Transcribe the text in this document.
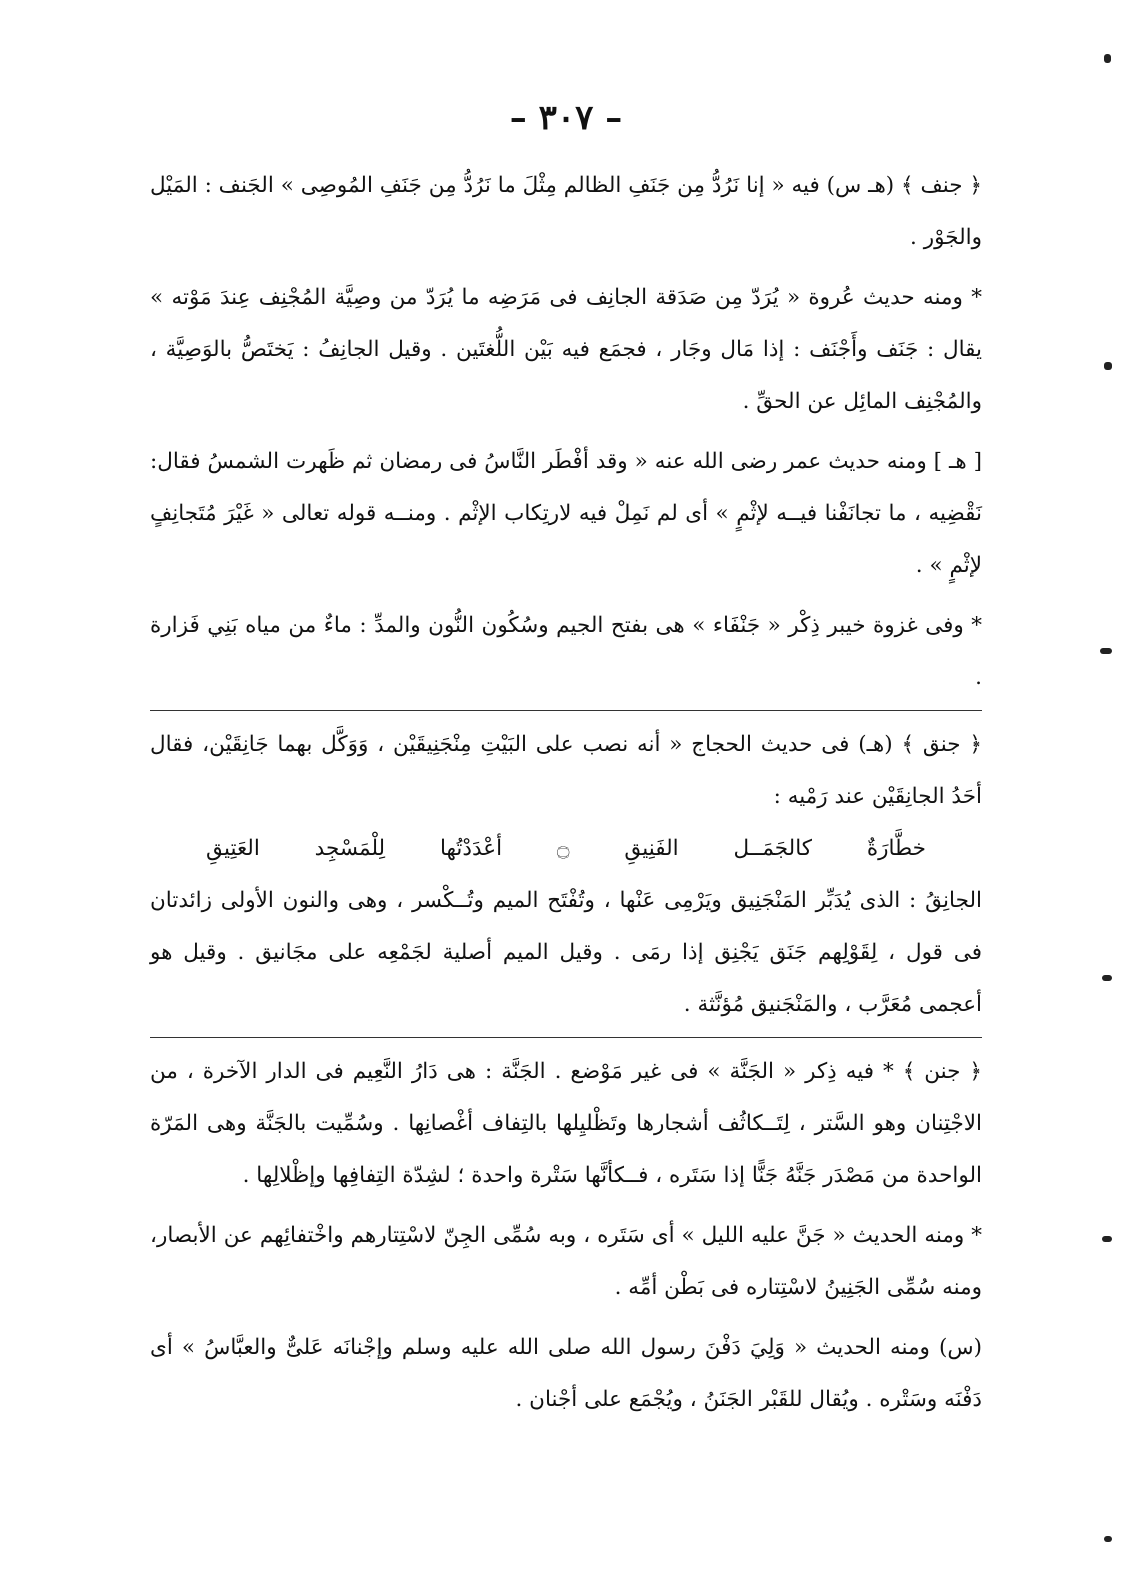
– ٣٠٧ –

﴿ جنف ﴾ (هـ س) فيه « إنا نَرُدُّ مِن جَنَفِ الظالم مِثْلَ ما نَرُدُّ مِن جَنَفِ المُوصِى » الجَنف : المَيْل والجَوْر .

* ومنه حديث عُروة « يُرَدّ مِن صَدَقة الجانِف فى مَرَضِه ما يُرَدّ من وصِيَّة المُجْنِف عِندَ مَوْته » يقال : جَنَف وأَجْنَف : إذا مَال وجَار ، فجمَع فيه بَيْن اللُّغتَين . وقيل الجانِفُ : يَختَصُّ بالوَصِيَّة ، والمُجْنِف المائِل عن الحقِّ .

[ هـ ] ومنه حديث عمر رضى الله عنه « وقد أفْطَر النَّاسُ فى رمضان ثم ظَهرت الشمسُ فقال: نَقْضِيه ، ما تجانَفْنا فيــه لإثْمٍ » أى لم نَمِلْ فيه لارتِكاب الإثْم . ومنــه قوله تعالى « غَيْرَ مُتَجانِفٍ لإثْمٍ » .

* وفى غزوة خيبر ذِكْر « جَنْفَاء » هى بفتح الجيم وسُكُون النُّون والمدِّ : ماءٌ من مياه بَنِي فَزارة .

﴿ جنق ﴾ (هـ) فى حديث الحجاج « أنه نصب على البَيْتِ مِنْجَنِيقَيْن ، وَوَكَّل بهما جَانِقَيْن، فقال أحَدُ الجانِقَيْن عند رَمْيه :

خطَّارَةٌ كالجَمَــل الفَنِيقِ ۝ أعْدَدْتُها لِلْمَسْجِد العَتِيقِ

الجانِقُ : الذى يُدَبِّر المَنْجَنِيق ويَرْمِى عَنْها ، وتُفْتَح الميم وتُــكْسر ، وهى والنون الأولى زائدتان فى قول ، لِقَوْلِهم جَنَق يَجْنِق إذا رمَى . وقيل الميم أصلية لجَمْعِه على مجَانيق . وقيل هو أعجمى مُعَرَّب ، والمَنْجَنيق مُؤنَّثة .

﴿ جنن ﴾ * فيه ذِكر « الجَنَّة » فى غير مَوْضع . الجَنَّة : هى دَارُ النَّعِيم فى الدار الآخرة ، من الاجْتِنان وهو السَّتر ، لِتَــكاثُف أشجارها وتَظْليِلها بالتِفاف أغْصانِها . وسُمِّيت بالجَنَّة وهى المَرّة الواحدة من مَصْدَر جَنَّهُ جَنًّا إذا سَتَره ، فــكأنَّها سَتْرة واحدة ؛ لشِدّة التِفافِها وإظْلالِها .

* ومنه الحديث « جَنَّ عليه الليل » أى سَتَره ، وبه سُمِّى الجِنّ لاسْتِتارهم واخْتفائِهم عن الأبصار، ومنه سُمِّى الجَنِينُ لاسْتِتاره فى بَطْن أمِّه .

(س) ومنه الحديث « وَلِيَ دَفْنَ رسول الله صلى الله عليه وسلم وإجْنانَه عَلىٌّ والعبَّاسُ » أى دَفْنَه وسَتْره . ويُقال للقَبْر الجَنَنُ ، ويُجْمَع على أجْنان .
